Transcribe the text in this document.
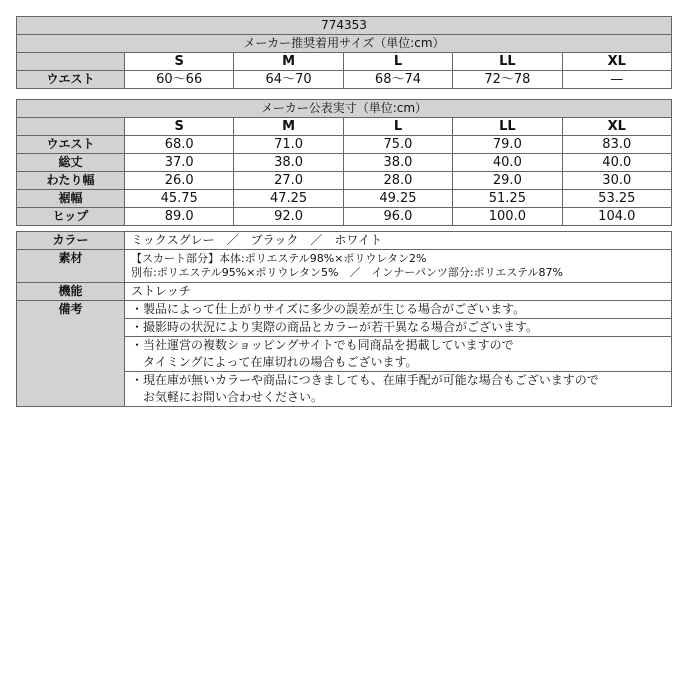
774353					
メーカー推奨着用サイズ（単位:cm）					
	S	M	L	LL	XL
ウエスト	60〜66	64〜70	68〜74	72〜78	—
メーカー公表実寸（単位:cm）					
	S	M	L	LL	XL
ウエスト	68.0	71.0	75.0	79.0	83.0
総丈	37.0	38.0	38.0	40.0	40.0
わたり幅	26.0	27.0	28.0	29.0	30.0
裾幅	45.75	47.25	49.25	51.25	53.25
ヒップ	89.0	92.0	96.0	100.0	104.0
カラー	ミックスグレー　／　ブラック　／　ホワイト
素材	【スカート部分】本体:ポリエステル98%×ポリウレタン2%
別布:ポリエステル95%×ポリウレタン5%　／　インナーパンツ部分:ポリエステル87%

機能	ストレッチ
備考	・製品によって仕上がりサイズに多少の誤差が生じる場合がございます。

	・撮影時の状況により実際の商品とカラーが若干異なる場合がございます。

	・当社運営の複数ショッピングサイトでも同商品を掲載していますので
　タイミングによって在庫切れの場合もございます。

	・現在庫が無いカラーや商品につきましても、在庫手配が可能な場合もございますので
　お気軽にお問い合わせください。
